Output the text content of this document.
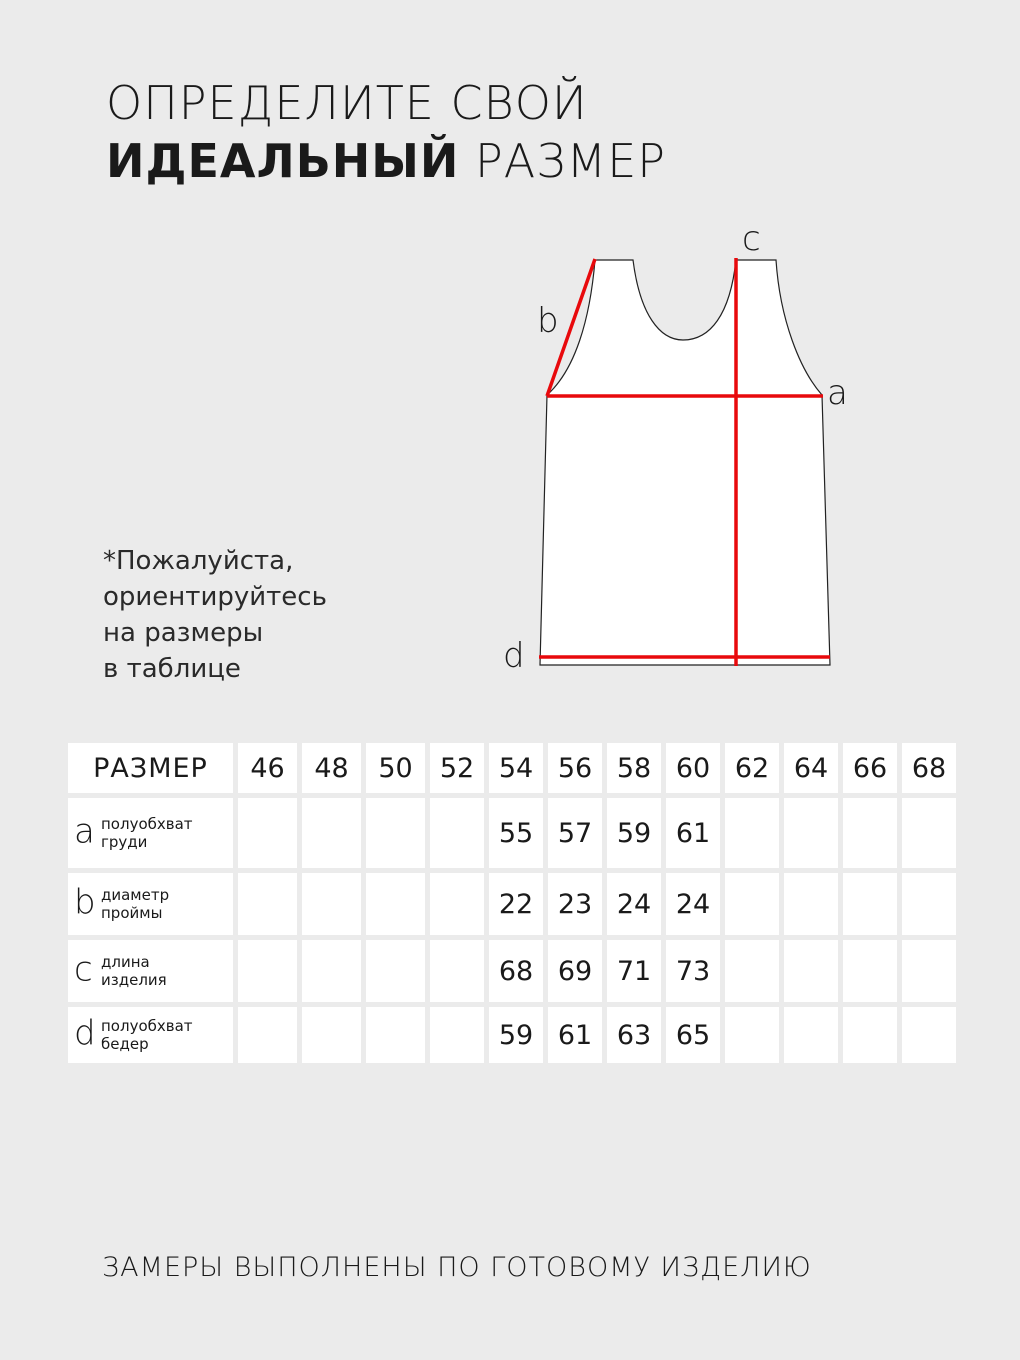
ОПРЕДЕЛИТЕ СВОЙ
ИДЕАЛЬНЫЙ РАЗМЕР
c
b
a
d
*Пожалуйста,
ориентируйтесь
на размеры
в таблице
РАЗМЕР	46	48	50	52	54	56	58	60	62	64	66	68

a полуобхват
груди					55	57	59	61				

b диаметр
проймы					22	23	24	24				

c длина
изделия					68	69	71	73				

d полуобхват
бедер					59	61	63	65				
ЗАМЕРЫ ВЫПОЛНЕНЫ ПО ГОТОВОМУ ИЗДЕЛИЮ
